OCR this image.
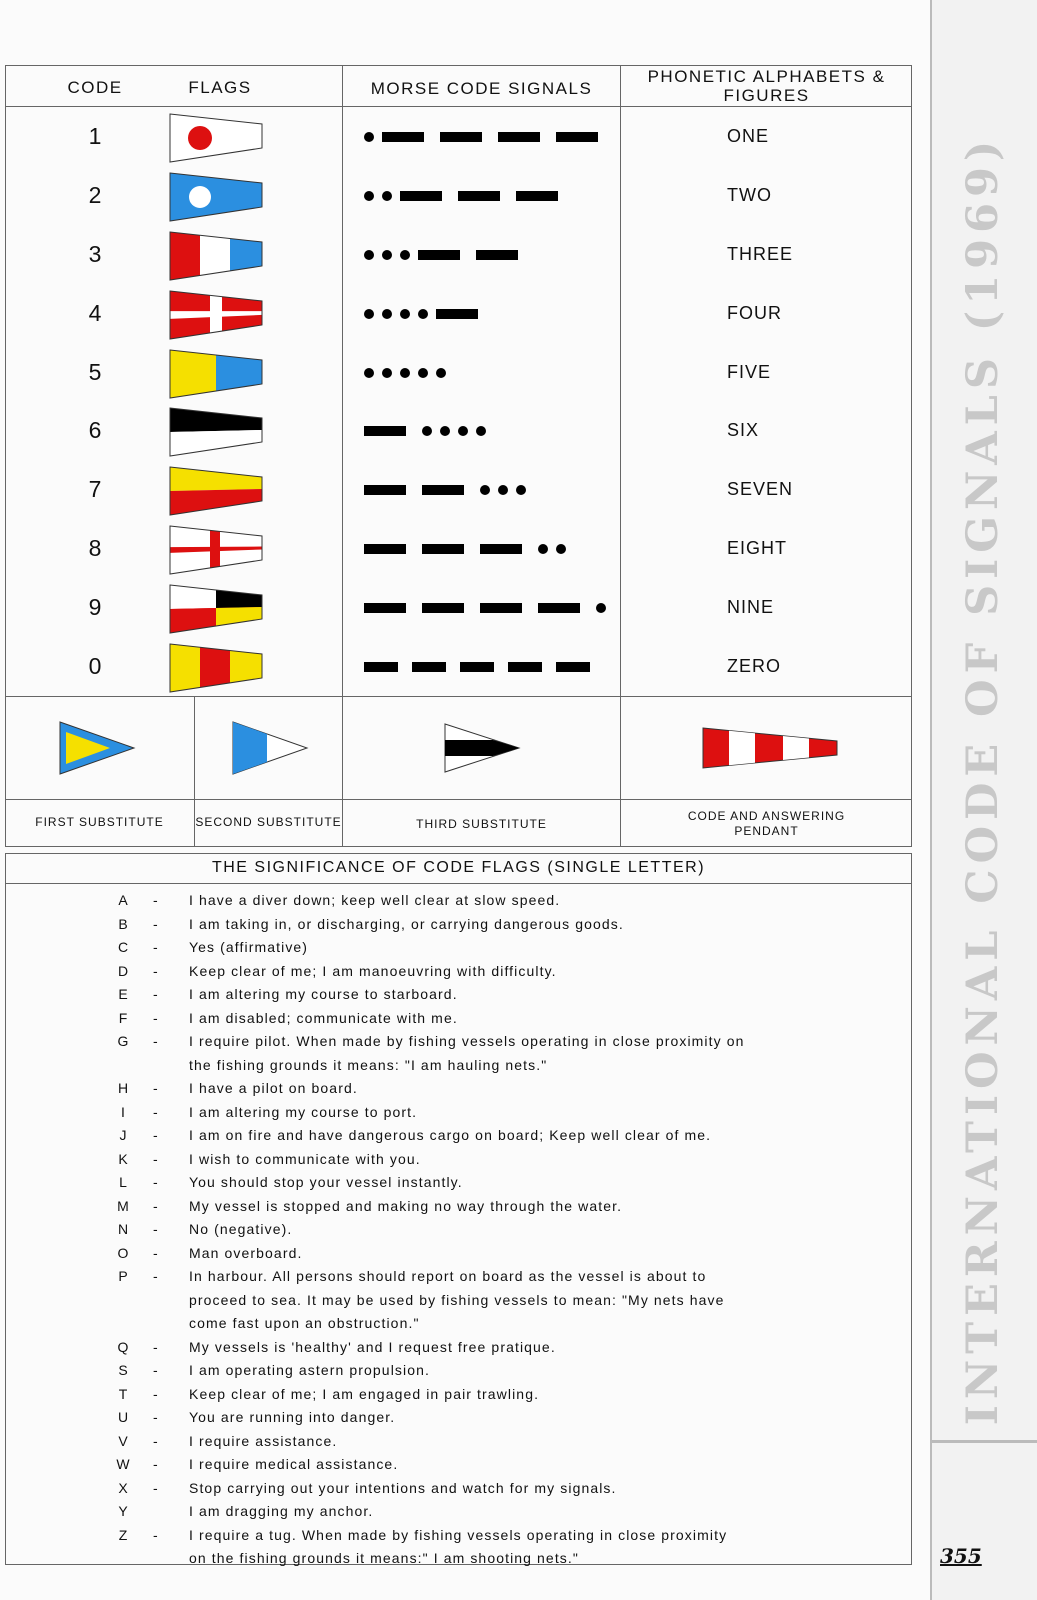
INTERNATIONAL CODE OF SIGNALS (1969)
355
CODE	FLAGS	MORSE CODE SIGNALS
PHONETIC ALPHABETS &
FIGURES
1	ONE
2	TWO
3	THREE
4	FOUR
5	FIVE
6	SIX
7	SEVEN
8	EIGHT
9	NINE
0	ZERO
FIRST SUBSTITUTE	SECOND SUBSTITUTE	THIRD SUBSTITUTE
CODE AND ANSWERING
PENDANT
THE SIGNIFICANCE OF CODE FLAGS (SINGLE LETTER)
A - I have a diver down; keep well clear at slow speed.
B - I am taking in, or discharging, or carrying dangerous goods.
C - Yes (affirmative)
D - Keep clear of me; I am manoeuvring with difficulty.
E - I am altering my course to starboard.
F - I am disabled; communicate with me.
G - I require pilot. When made by fishing vessels operating in close proximity on
the fishing grounds it means: "I am hauling nets."
H - I have a pilot on board.
I	- I am altering my course to port.
J	- I am on fire and have dangerous cargo on board; Keep well clear of me.
K - I wish to communicate with you.
L - You should stop your vessel instantly.
M - My vessel is stopped and making no way through the water.
N - No (negative).
O - Man overboard.
P - In harbour. All persons should report on board as the vessel is about to
proceed to sea. It may be used by fishing vessels to mean: "My nets have
come fast upon an obstruction."
Q - My vessels is 'healthy' and I request free pratique.
S - I am operating astern propulsion.
T - Keep clear of me; I am engaged in pair trawling.
U - You are running into danger.
V - I require assistance.
W - I require medical assistance.
X - Stop carrying out your intentions and watch for my signals.
Y	I am dragging my anchor.
Z - I require a tug. When made by fishing vessels operating in close proximity
on the fishing grounds it means:" I am shooting nets."
